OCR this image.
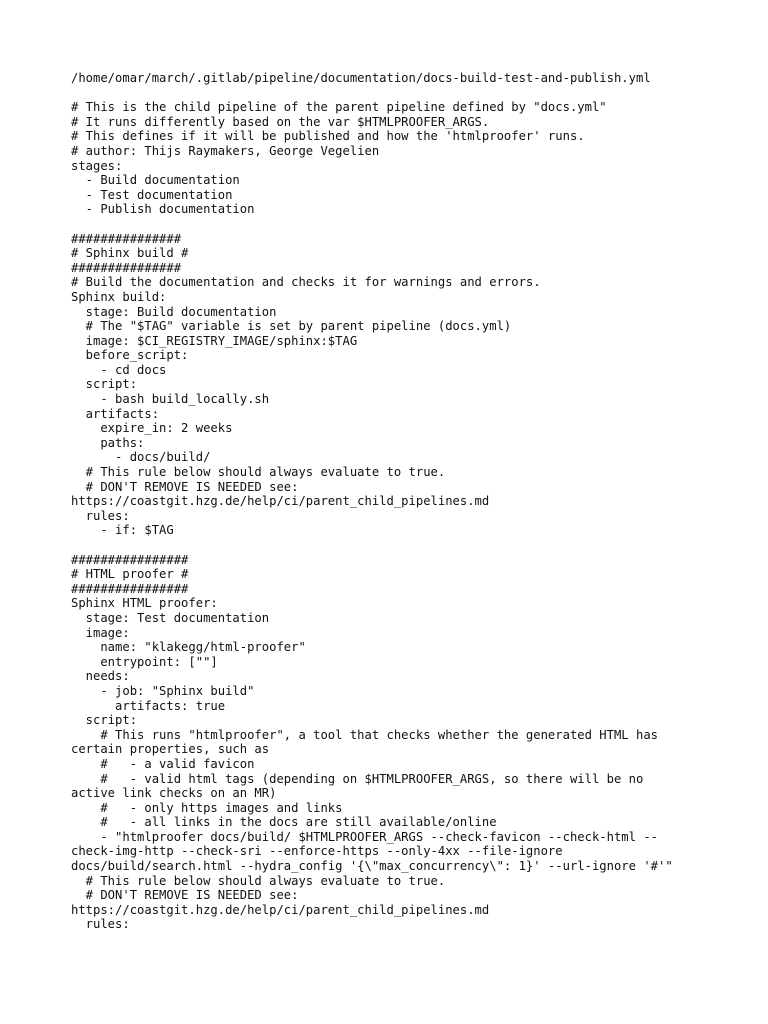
/home/omar/march/.gitlab/pipeline/documentation/docs-build-test-and-publish.yml
# This is the child pipeline of the parent pipeline defined by "docs.yml"
# It runs differently based on the var $HTMLPROOFER_ARGS.
# This defines if it will be published and how the 'htmlproofer' runs.
# author: Thijs Raymakers, George Vegelien
stages:
- Build documentation
- Test documentation
- Publish documentation
###############
# Sphinx build #
###############
# Build the documentation and checks it for warnings and errors.
Sphinx build:
stage: Build documentation
# The "$TAG" variable is set by parent pipeline (docs.yml)
image: $CI_REGISTRY_IMAGE/sphinx:$TAG
before_script:
- cd docs
script:
- bash build_locally.sh
artifacts:
expire_in: 2 weeks
paths:
- docs/build/
# This rule below should always evaluate to true.
# DON'T REMOVE IS NEEDED see:
https://coastgit.hzg.de/help/ci/parent_child_pipelines.md
rules:
- if: $TAG
################
# HTML proofer #
################
Sphinx HTML proofer:
stage: Test documentation
image:
name: "klakegg/html-proofer"
entrypoint: [""]
needs:
- job: "Sphinx build"
artifacts: true
script:
# This runs "htmlproofer", a tool that checks whether the generated HTML has
certain properties, such as
#   - a valid favicon
#   - valid html tags (depending on $HTMLPROOFER_ARGS, so there will be no
active link checks on an MR)
#   - only https images and links
#   - all links in the docs are still available/online
- "htmlproofer docs/build/ $HTMLPROOFER_ARGS --check-favicon --check-html --
check-img-http --check-sri --enforce-https --only-4xx --file-ignore
docs/build/search.html --hydra_config '{\"max_concurrency\": 1}' --url-ignore '#'"
# This rule below should always evaluate to true.
# DON'T REMOVE IS NEEDED see:
https://coastgit.hzg.de/help/ci/parent_child_pipelines.md
rules:
